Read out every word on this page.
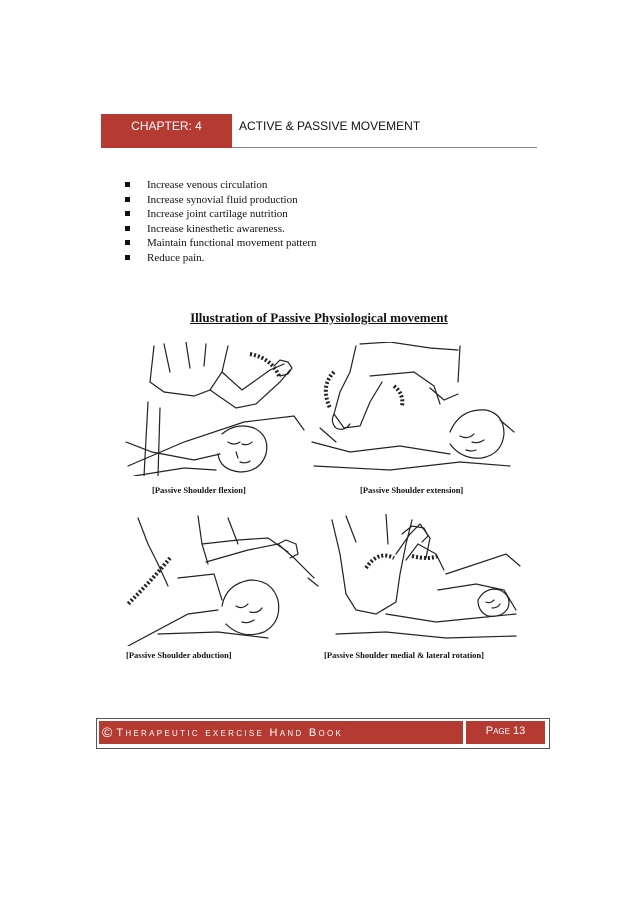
CHAPTER: 4	ACTIVE & PASSIVE MOVEMENT
Increase venous circulation
Increase synovial fluid production
Increase joint cartilage nutrition
Increase kinesthetic awareness.
Maintain functional movement pattern
Reduce pain.
Illustration of Passive Physiological movement
[Passive Shoulder flexion]	[Passive Shoulder extension]
[Passive Shoulder abduction]	[Passive Shoulder medial & lateral rotation]
© Therapeutic exercise Hand Book	Page 13
